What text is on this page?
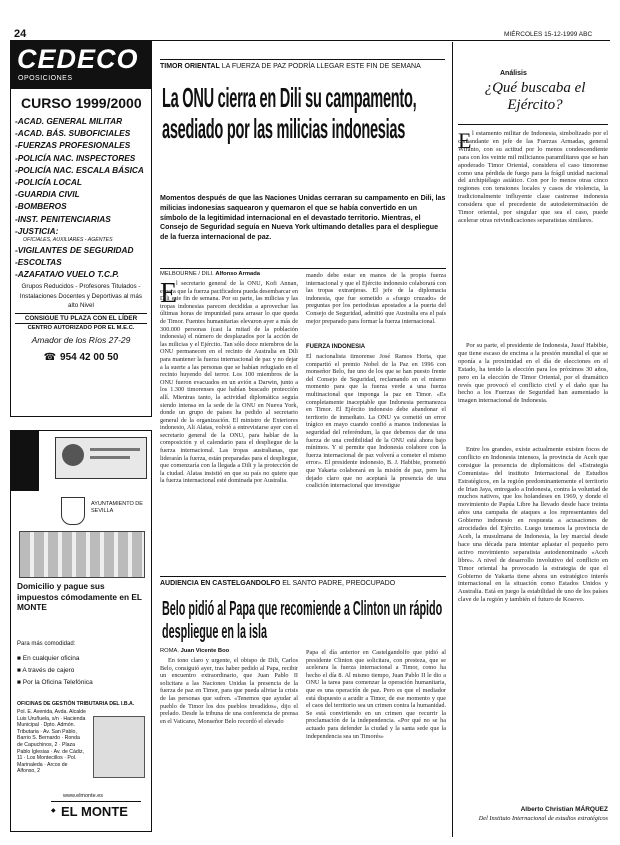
24	MIÉRCOLES 15-12-1999 ABC
CEDECO
OPOSICIONES
CURSO 1999/2000
-ACAD. GENERAL MILITAR
-ACAD. BÁS. SUBOFICIALES
-FUERZAS PROFESIONALES
-POLICÍA NAC. INSPECTORES
-POLICÍA NAC. ESCALA BÁSICA
-POLICÍA LOCAL
-GUARDIA CIVIL
-BOMBEROS
-INST. PENITENCIARIAS
-JUSTICIA:
OFICIALES, AUXILIARES - AGENTES
-VIGILANTES DE SEGURIDAD
-ESCOLTAS
-AZAFATA/O VUELO T.C.P.
Grupos Reducidos - Profesores Titulados - Instalaciones Docentes y Deportivas al más alto Nivel
CONSIGUE TU PLAZA CON EL LÍDER
CENTRO AUTORIZADO POR EL M.E.C.
Amador de los Ríos 27-29
☎ 954 42 00 50
AYUNTAMIENTO DE SEVILLA
Domicilio y pague sus impuestos cómodamente en EL MONTE
Para más comodidad:
■ En cualquier oficina
■ A través de cajero
■ Por la Oficina Telefónica
OFICINAS DE GESTIÓN TRIBUTARIA DEL I.B.A.
Pol. E. Avenida, Avda. Alcalde Luis Uruñuela, s/n · Hacienda Municipal · Dpto. Admón. Tributaria · Av. San Pablo, Barrio S. Bernardo · Ronda de Capuchinos, 2 · Plaza Pablo Iglesias · Av. de Cádiz, 11 · Los Montecillos · Pol. Marinaleda · Arcos de Alfonso, 2
www.elmonte.es
◆ EL MONTE
TIMOR ORIENTAL LA FUERZA DE PAZ PODRÍA LLEGAR ESTE FIN DE SEMANA
La ONU cierra en Dili su campamento, asediado por las milicias indonesias
Momentos después de que las Naciones Unidas cerraran su campamento en Dili, las milicias indonesias saquearon y quemaron el que se había convertido en un símbolo de la legitimidad internacional en el devastado territorio. Mientras, el Consejo de Seguridad seguía en Nueva York ultimando detalles para el despliegue de la fuerza internacional de paz.
MELBOURNE / DILI. Alfonso Armada
E
l secretario general de la ONU, Kofi Annan, espera que la fuerza pacificadora pueda desembarcar en Dili este fin de semana. Por su parte, las milicias y las tropas indonesias parecen decididas a aprovechar las últimas horas de impunidad para arrasar lo que queda de Timor. Fuentes humanitarias elevaron ayer a más de 300.000 personas (casi la mitad de la población indonesia) el número de desplazados por la acción de las milicias y el Ejército. Tan sólo doce miembros de la ONU permanecen en el recinto de Australia en Dili para mantener la fuerza internacional de paz y no dejar a la suerte a las personas que se habían refugiado en el recinto huyendo del terror. Los 100 miembros de la ONU fueron evacuados en un avión a Darwin, junto a los 1.300 timorenses que habían buscado protección allí. Mientras tanto, la actividad diplomática seguía siendo intensa en la sede de la ONU en Nueva York, donde un grupo de países ha pedido al secretario general de la organización. El ministro de Exteriores indonesio, Ali Alatas, volvió a entrevistarse ayer con el secretario general de la ONU, para hablar de la composición y el calendario para el despliegue de la fuerza internacional. Las tropas australianas, que liderarán la fuerza, están preparadas para el despliegue, que comenzaría con la llegada a Dili y la protección de la ciudad. Alatas insistió en que su país no quiere que la fuerza internacional esté dominada por Australia.
mando debe estar en manos de la propia fuerza internacional y que el Ejército indonesio colaborará con las tropas extranjeras. El jefe de la diplomacia indonesia, que fue sometido a «fuego cruzado» de preguntas por los periodistas apostados a la puerta del Consejo de Seguridad, admitió que Australia era el país mejor preparado para formar la fuerza internacional.
FUERZA INDONESIA
El nacionalista timorense José Ramos Horta, que compartió el premio Nobel de la Paz en 1996 con monseñor Belo, fue uno de los que se han puesto frente del Consejo de Seguridad, reclamando en el mismo momento para que la fuerza verde a una fuerza multinacional que imponga la paz en Timor. «Es completamente inaceptable que Indonesia permanezca en Timor. El Ejército indonesio debe abandonar el territorio de inmediato. La ONU ya cometió un error trágico en mayo cuando confió a manos indonesias la seguridad del referéndum, la que debemos dar de una fuerza de una credibilidad de la ONU está ahora bajo mínimos. Y si permite que Indonesia colabore con la fuerza internacional de paz volverá a cometer el mismo error». El presidente indonesio, B. J. Habibie, prometió que Yakarta colaborará en la misión de paz, pero ha dejado claro que no aceptará la presencia de una coalición internacional que investigue
AUDIENCIA EN CASTELGANDOLFO EL SANTO PADRE, PREOCUPADO
Belo pidió al Papa que recomiende a Clinton un rápido despliegue en la isla
ROMA. Juan Vicente Boo
En tono claro y urgente, el obispo de Dili, Carlos Belo, consiguió ayer, tras haber pedido al Papa, recibir un encuentro extraordinario, que Juan Pablo II solicitara a las Naciones Unidas la presencia de la fuerza de paz en Timor, para que pueda aliviar la crisis de las personas que sufren. «Tenemos que ayudar al pueblo de Timor los dos pueblos invadidos», dijo el prelado. Desde la tribuna de una conferencia de prensa en el Vaticano, Monseñor Belo recordó el elevado
Papa el día anterior en Castelgandolfo que pidió al presidente Clinton que solicitara, con presteza, que se acelerara la fuerza internacional a Timor, como ha hecho el día 8. Al mismo tiempo, Juan Pablo II le dio a ONU la tarea para comenzar la operación humanitaria, que es una operación de paz. Pero es que el mediador está dispuesto a acudir a Timor, de ese momento y que el caos del territorio sea un crimen contra la humanidad. Se está convirtiendo en un crimen que recurrir la proclamación de la independencia. «Por qué no se ha actuado para defender la ciudad y la santa sede que la independencia sea un Timorés»
Análisis
¿Qué buscaba el Ejército?
E l estamento militar de Indonesia, simbolizado por el comandante en jefe de las Fuerzas Armadas, general Wiranto, con su actitud por lo menos condescendiente para con los veinte mil milicianos paramilitares que se han apoderado Timor Oriental, considera el caso timorense como una pérdida de fuego para la frágil unidad nacional del archipiélago asiático. Con por lo menos otras cinco regiones con tensiones locales y casos de violencia, la tradicionalmente influyente clase castrense indonesia considera que el precedente de autodeterminación de Timor oriental, por singular que sea el caso, puede acelerar otras reivindicaciones separatistas similares.
Por su parte, el presidente de Indonesia, Jusuf Habibie, que tiene escaso de encima a la presión mundial el que se oponía a la proximidad en el día de elecciones en el Estado, ha tenido la elección para los próximos 30 años, pero en la elección de Timor Oriental, por el dramático revés que provocó el conflicto civil y el daño que ha hecho a los Fuerzas de Seguridad han aumentado la imagen internacional de Indonesia.
Entre los grandes, existe actualmente existen focos de conflicto en Indonesia intensos, la provincia de Aceh que consigue la presencia de diplomáticos del «Estrategia Comunista» del instituto Internacional de Estudios Estratégicos, en la región predominantemente el territorio de Irian Jaya, entregado a Indonesia, contra la voluntad de muchos nativos, que los holandeses en 1969, y donde el movimiento de Papúa Libre ha llevado desde hace treinta años una campaña de ataques a los representantes del Gobierno indonesio en respuesta a acusaciones de atrocidades del Ejército. Luego tenemos la provincia de Aceh, la musulmana de Indonesia, la ley marcial desde hace una década para intentar aplastar el pequeño pero activo movimiento separatista autodenominado «Aceh libre». A nivel de desarrollo involutivo del conflicto en Timor oriental ha provocado la estrategia de que el Gobierno de Yakarta tiene ahora un estratégico interés internacional en la situación como Estados Unidos y Australia. Está en juego la estabilidad de uno de los países clave de la región y también el futuro de Kosovo.
Alberto Christian MÁRQUEZ
Del Instituto Internacional de estudios estratégicos
